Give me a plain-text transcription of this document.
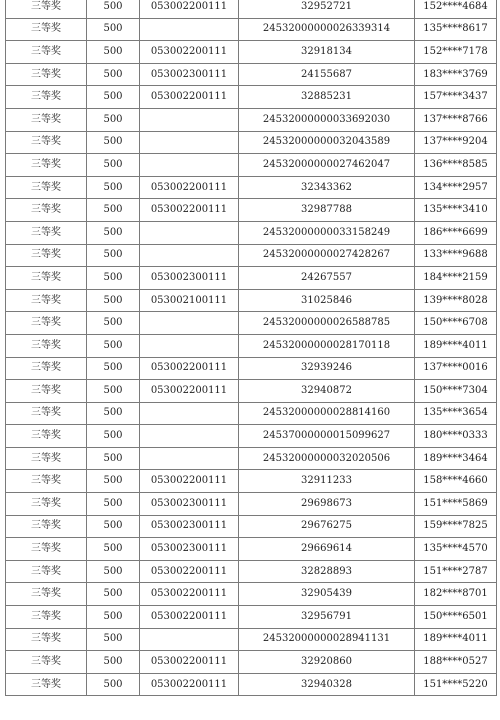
三等奖	500	053002200111	32952721	152****4684
三等奖	500		24532000000026339314	135****8617
三等奖	500	053002200111	32918134	152****7178
三等奖	500	053002300111	24155687	183****3769
三等奖	500	053002200111	32885231	157****3437
三等奖	500		24532000000033692030	137****8766
三等奖	500		24532000000032043589	137****9204
三等奖	500		24532000000027462047	136****8585
三等奖	500	053002200111	32343362	134****2957
三等奖	500	053002200111	32987788	135****3410
三等奖	500		24532000000033158249	186****6699
三等奖	500		24532000000027428267	133****9688
三等奖	500	053002300111	24267557	184****2159
三等奖	500	053002100111	31025846	139****8028
三等奖	500		24532000000026588785	150****6708
三等奖	500		24532000000028170118	189****4011
三等奖	500	053002200111	32939246	137****0016
三等奖	500	053002200111	32940872	150****7304
三等奖	500		24532000000028814160	135****3654
三等奖	500		24537000000015099627	180****0333
三等奖	500		24532000000032020506	189****3464
三等奖	500	053002200111	32911233	158****4660
三等奖	500	053002300111	29698673	151****5869
三等奖	500	053002300111	29676275	159****7825
三等奖	500	053002300111	29669614	135****4570
三等奖	500	053002200111	32828893	151****2787
三等奖	500	053002200111	32905439	182****8701
三等奖	500	053002200111	32956791	150****6501
三等奖	500		24532000000028941131	189****4011
三等奖	500	053002200111	32920860	188****0527
三等奖	500	053002200111	32940328	151****5220
